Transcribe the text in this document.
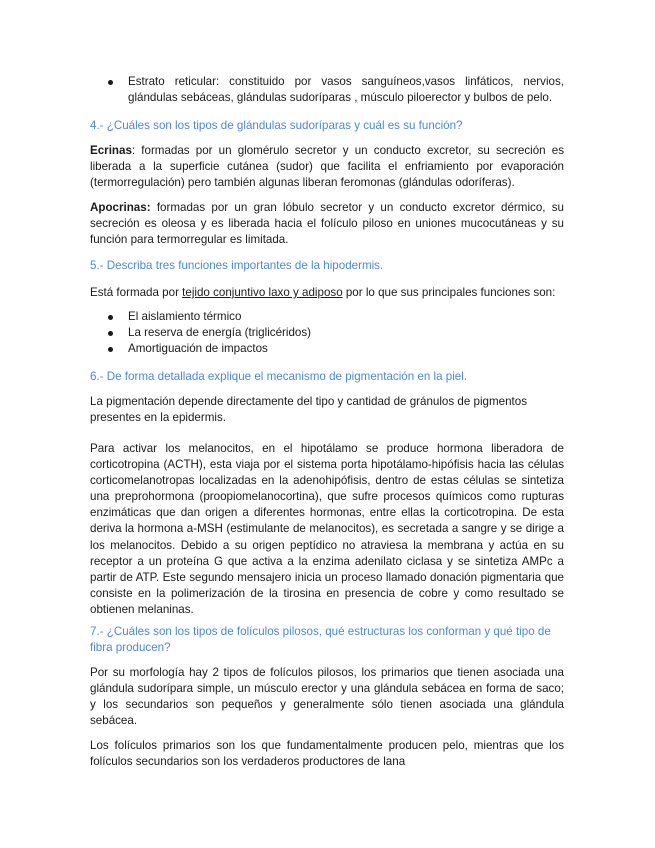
Estrato reticular: constituido por vasos sanguíneos,vasos linfáticos, nervios, glándulas sebáceas, glándulas sudoríparas , músculo piloerector y bulbos de pelo.

4.- ¿Cuáles son los tipos de glándulas sudoríparas y cuál es su función?

Ecrinas: formadas por un glomérulo secretor y un conducto excretor, su secreción es liberada a la superficie cutánea (sudor) que facilita el enfriamiento por evaporación (termorregulación) pero también algunas liberan feromonas (glándulas odoríferas).

Apocrinas: formadas por un gran lóbulo secretor y un conducto excretor dérmico, su secreción es oleosa y es liberada hacia el folículo piloso en uniones mucocutáneas y su función para termorregular es limitada.

5.- Describa tres funciones importantes de la hipodermis.

Está formada por tejido conjuntivo laxo y adiposo por lo que sus principales funciones son:

El aislamiento térmico
La reserva de energía (triglicéridos)
Amortiguación de impactos

6.- De forma detallada explique el mecanismo de pigmentación en la piel.

La pigmentación depende directamente del tipo y cantidad de gránulos de pigmentos presentes en la epidermis.

Para activar los melanocitos, en el hipotálamo se produce hormona liberadora de corticotropina (ACTH), esta viaja por el sistema porta hipotálamo-hipófisis hacia las células corticomelanotropas localizadas en la adenohipófisis, dentro de estas células se sintetiza una preprohormona (proopiomelanocortina), que sufre procesos químicos como rupturas enzimáticas que dan origen a diferentes hormonas, entre ellas la corticotropina. De esta deriva la hormona a-MSH (estimulante de melanocitos), es secretada a sangre y se dirige a los melanocitos. Debido a su origen peptídico no atraviesa la membrana y actúa en su receptor a un proteína G que activa a la enzima adenilato ciclasa y se sintetiza AMPc a partir de ATP. Este segundo mensajero inicia un proceso llamado donación pigmentaria que consiste en la polimerización de la tirosina en presencia de cobre y como resultado se obtienen melaninas.

7.- ¿Cuáles son los tipos de folículos pilosos, qué estructuras los conforman y qué tipo de fibra producen?

Por su morfología hay 2 tipos de folículos pilosos, los primarios que tienen asociada una glándula sudorípara simple, un músculo erector y una glándula sebácea en forma de saco; y los secundarios son pequeños y generalmente sólo tienen asociada una glándula sebácea.

Los folículos primarios son los que fundamentalmente producen pelo, mientras que los folículos secundarios son los verdaderos productores de lana
